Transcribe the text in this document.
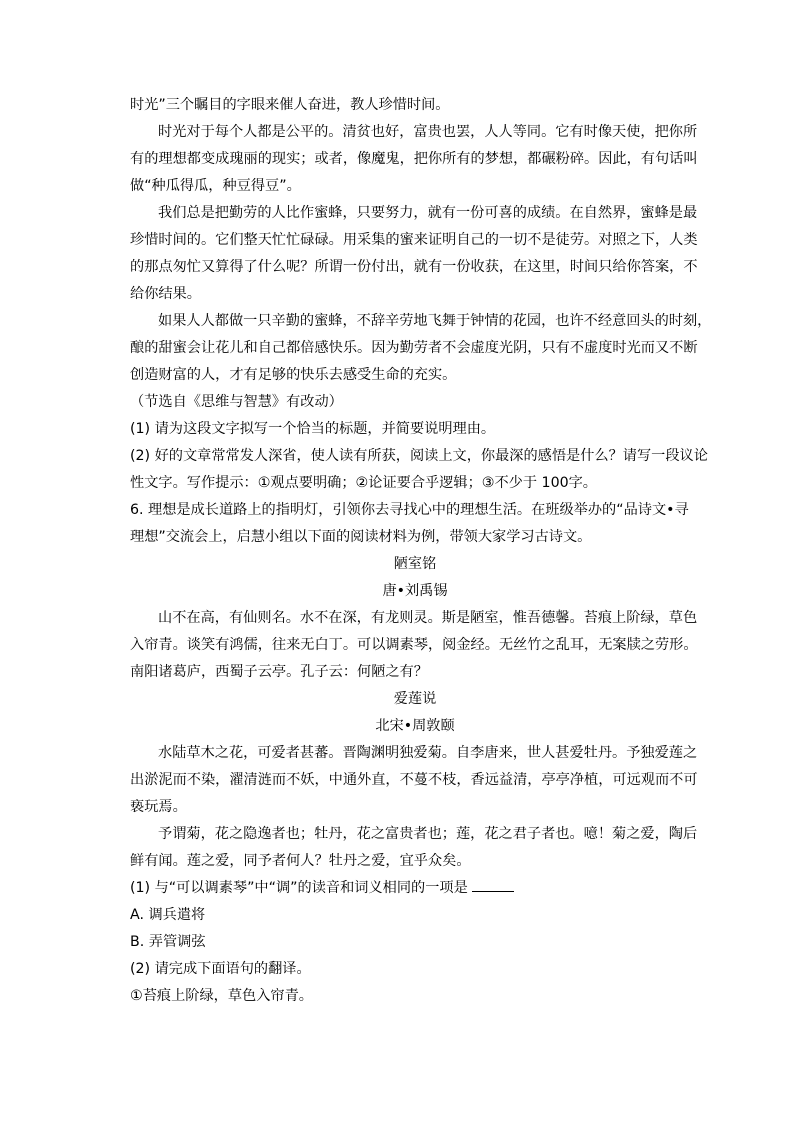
时光”三个瞩目的字眼来催人奋进，教人珍惜时间。
时光对于每个人都是公平的。清贫也好，富贵也罢，人人等同。它有时像天使，把你所
有的理想都变成瑰丽的现实；或者，像魔鬼，把你所有的梦想，都碾粉碎。因此，有句话叫
做“种瓜得瓜，种豆得豆”。
我们总是把勤劳的人比作蜜蜂，只要努力，就有一份可喜的成绩。在自然界，蜜蜂是最
珍惜时间的。它们整天忙忙碌碌。用采集的蜜来证明自己的一切不是徒劳。对照之下，人类
的那点匆忙又算得了什么呢？所谓一份付出，就有一份收获，在这里，时间只给你答案，不
给你结果。
如果人人都做一只辛勤的蜜蜂，不辞辛劳地飞舞于钟情的花园，也许不经意回头的时刻，
酿的甜蜜会让花儿和自己都倍感快乐。因为勤劳者不会虚度光阴，只有不虚度时光而又不断
创造财富的人，才有足够的快乐去感受生命的充实。
（节选自《思维与智慧》有改动）
(1) 请为这段文字拟写一个恰当的标题，并简要说明理由。
(2) 好的文章常常发人深省，使人读有所获，阅读上文，你最深的感悟是什么？请写一段议论
性文字。写作提示：①观点要明确；②论证要合乎逻辑；③不少于 100字。
6. 理想是成长道路上的指明灯，引领你去寻找心中的理想生活。在班级举办的“品诗文•寻
理想”交流会上，启慧小组以下面的阅读材料为例，带领大家学习古诗文。
陋室铭
唐•刘禹锡
山不在高，有仙则名。水不在深，有龙则灵。斯是陋室，惟吾德馨。苔痕上阶绿，草色
入帘青。谈笑有鸿儒，往来无白丁。可以调素琴，阅金经。无丝竹之乱耳，无案牍之劳形。
南阳诸葛庐，西蜀子云亭。孔子云：何陋之有？
爱莲说
北宋•周敦颐
水陆草木之花，可爱者甚蕃。晋陶渊明独爱菊。自李唐来，世人甚爱牡丹。予独爱莲之
出淤泥而不染，濯清涟而不妖，中通外直，不蔓不枝，香远益清，亭亭净植，可远观而不可
亵玩焉。
予谓菊，花之隐逸者也；牡丹，花之富贵者也；莲，花之君子者也。噫！菊之爱，陶后
鲜有闻。莲之爱，同予者何人？牡丹之爱，宜乎众矣。
(1) 与“可以调素琴”中“调”的读音和词义相同的一项是
A. 调兵遣将
B. 弄管调弦
(2) 请完成下面语句的翻译。
①苔痕上阶绿，草色入帘青。
